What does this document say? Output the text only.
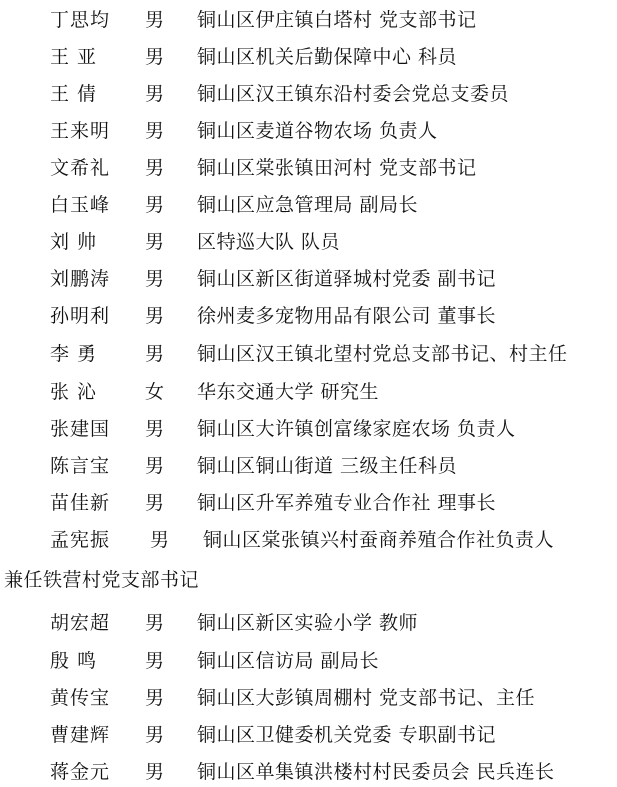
丁思均 男 铜山区伊庄镇白塔村 党支部书记
王 亚	男 铜山区机关后勤保障中心 科员
王 倩	男 铜山区汉王镇东沿村委会党总支委员
王来明 男 铜山区麦道谷物农场 负责人
文希礼 男 铜山区棠张镇田河村 党支部书记
白玉峰 男 铜山区应急管理局 副局长
刘 帅	男 区特巡大队 队员
刘鹏涛 男 铜山区新区街道驿城村党委 副书记
孙明利 男 徐州麦多宠物用品有限公司 董事长
李 勇	男 铜山区汉王镇北望村党总支部书记、村主任
张 沁	女 华东交通大学 研究生
张建国 男 铜山区大许镇创富缘家庭农场 负责人
陈言宝 男 铜山区铜山街道 三级主任科员
苗佳新 男 铜山区升军养殖专业合作社 理事长
孟宪振 男 铜山区棠张镇兴村蚕商养殖合作社负责人
兼任铁营村党支部书记
胡宏超 男 铜山区新区实验小学 教师
殷 鸣	男 铜山区信访局 副局长
黄传宝 男 铜山区大彭镇周棚村 党支部书记、主任
曹建辉 男 铜山区卫健委机关党委 专职副书记
蒋金元 男 铜山区单集镇洪楼村村民委员会 民兵连长
